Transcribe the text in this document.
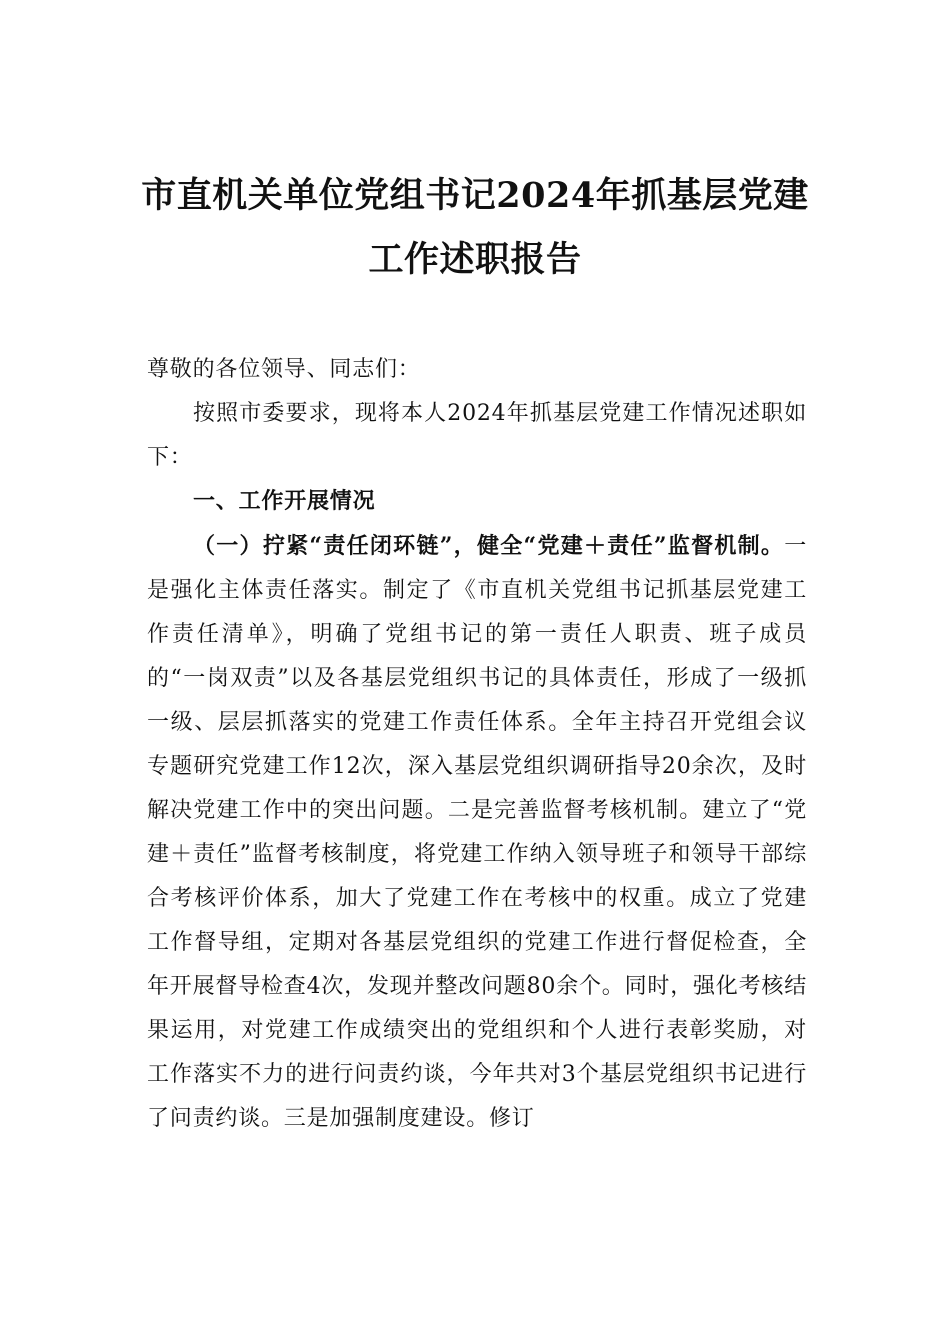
市直机关单位党组书记2024年抓基层党建
工作述职报告

尊敬的各位领导、同志们：

按照市委要求，现将本人2024年抓基层党建工作情况述职如下：

一、工作开展情况

（一）拧紧“责任闭环链”，健全“党建＋责任”监督机制。一是强化主体责任落实。制定了《市直机关党组书记抓基层党建工作责任清单》，明确了党组书记的第一责任人职责、班子成员的“一岗双责”以及各基层党组织书记的具体责任，形成了一级抓一级、层层抓落实的党建工作责任体系。全年主持召开党组会议专题研究党建工作12次，深入基层党组织调研指导20余次，及时解决党建工作中的突出问题。二是完善监督考核机制。建立了“党建＋责任”监督考核制度，将党建工作纳入领导班子和领导干部综合考核评价体系，加大了党建工作在考核中的权重。成立了党建工作督导组，定期对各基层党组织的党建工作进行督促检查，全年开展督导检查4次，发现并整改问题80余个。同时，强化考核结果运用，对党建工作成绩突出的党组织和个人进行表彰奖励，对工作落实不力的进行问责约谈，今年共对3个基层党组织书记进行了问责约谈。三是加强制度建设。修订
